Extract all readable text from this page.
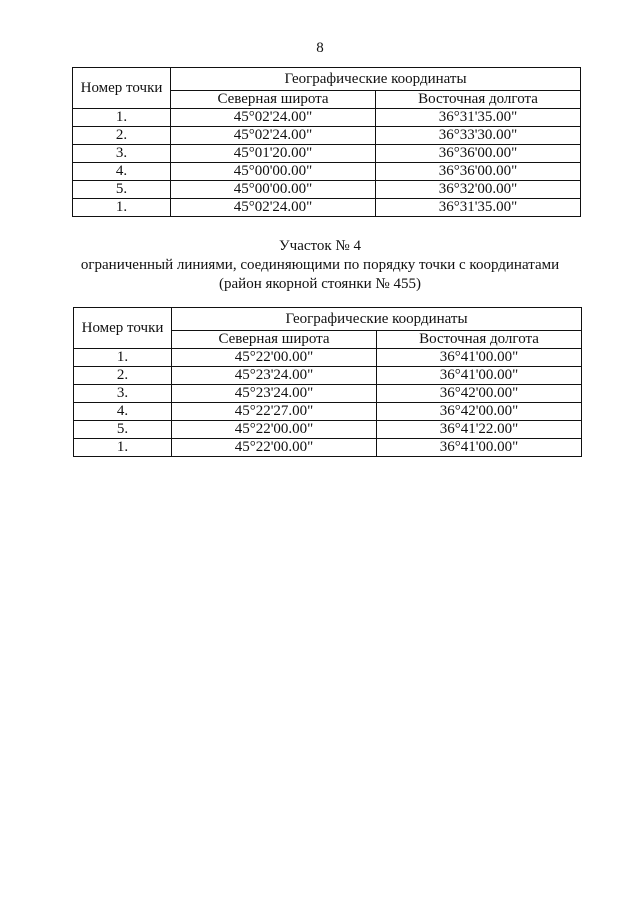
8
Номер точки	Географические координаты	
	Северная широта	Восточная долгота
1.	45°02'24.00"	36°31'35.00"
2.	45°02'24.00"	36°33'30.00"
3.	45°01'20.00"	36°36'00.00"
4.	45°00'00.00"	36°36'00.00"
5.	45°00'00.00"	36°32'00.00"
1.	45°02'24.00"	36°31'35.00"
Участок № 4
ограниченный линиями, соединяющими по порядку точки с координатами
(район якорной стоянки № 455)
Номер точки	Географические координаты	
	Северная широта	Восточная долгота
1.	45°22'00.00"	36°41'00.00"
2.	45°23'24.00"	36°41'00.00"
3.	45°23'24.00"	36°42'00.00"
4.	45°22'27.00"	36°42'00.00"
5.	45°22'00.00"	36°41'22.00"
1.	45°22'00.00"	36°41'00.00"
